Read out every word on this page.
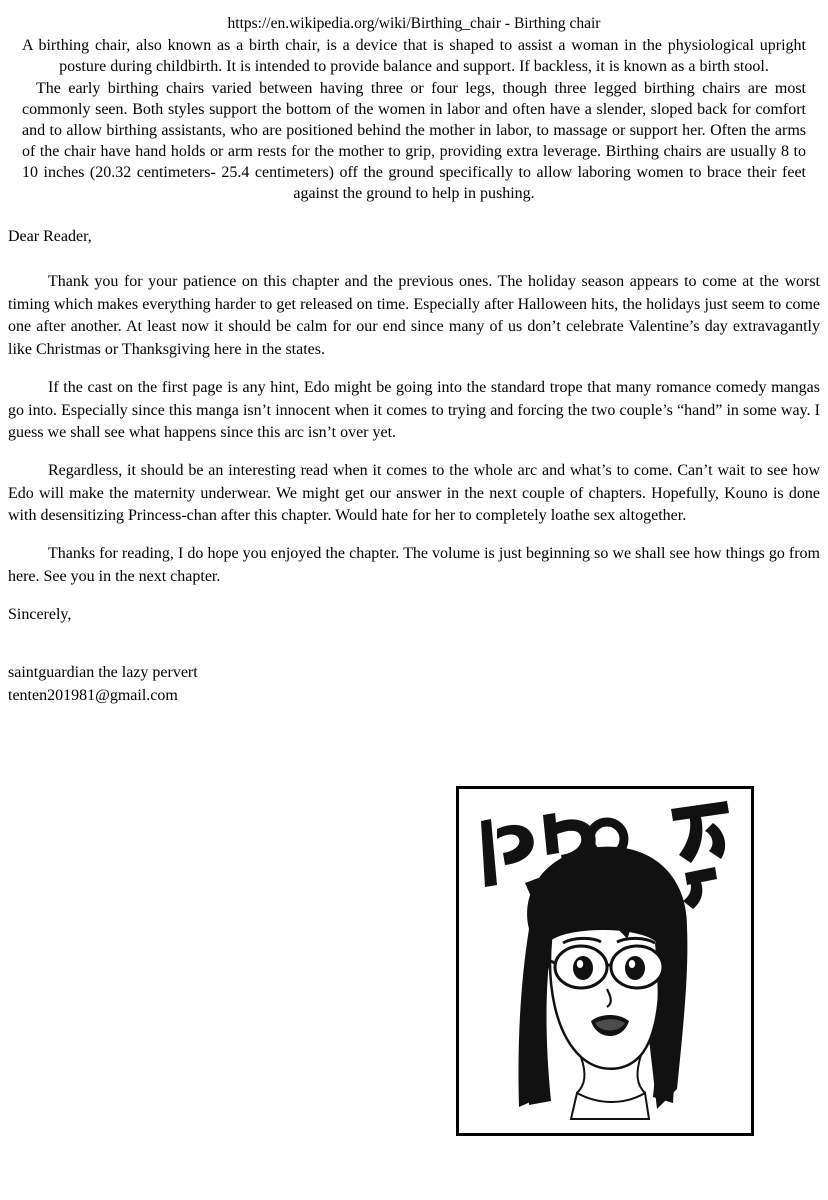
https://en.wikipedia.org/wiki/Birthing_chair - Birthing chair

A birthing chair, also known as a birth chair, is a device that is shaped to assist a woman in the physiological upright posture during childbirth. It is intended to provide balance and support. If backless, it is known as a birth stool.

The early birthing chairs varied between having three or four legs, though three legged birthing chairs are most commonly seen. Both styles support the bottom of the women in labor and often have a slender, sloped back for comfort and to allow birthing assistants, who are positioned behind the mother in labor, to massage or support her. Often the arms of the chair have hand holds or arm rests for the mother to grip, providing extra leverage. Birthing chairs are usually 8 to 10 inches (20.32 centimeters- 25.4 centimeters) off the ground specifically to allow laboring women to brace their feet against the ground to help in pushing.

Dear Reader,

Thank you for your patience on this chapter and the previous ones. The holiday season appears to come at the worst timing which makes everything harder to get released on time. Especially after Halloween hits, the holidays just seem to come one after another. At least now it should be calm for our end since many of us don’t celebrate Valentine’s day extravagantly like Christmas or Thanksgiving here in the states.

If the cast on the first page is any hint, Edo might be going into the standard trope that many romance comedy mangas go into. Especially since this manga isn’t innocent when it comes to trying and forcing the two couple’s “hand” in some way. I guess we shall see what happens since this arc isn’t over yet.

Regardless, it should be an interesting read when it comes to the whole arc and what’s to come. Can’t wait to see how Edo will make the maternity underwear. We might get our answer in the next couple of chapters. Hopefully, Kouno is done with desensitizing Princess-chan after this chapter. Would hate for her to completely loathe sex altogether.

Thanks for reading, I do hope you enjoyed the chapter. The volume is just beginning so we shall see how things go from here. See you in the next chapter.

Sincerely,

saintguardian the lazy pervert

tenten201981@gmail.com
